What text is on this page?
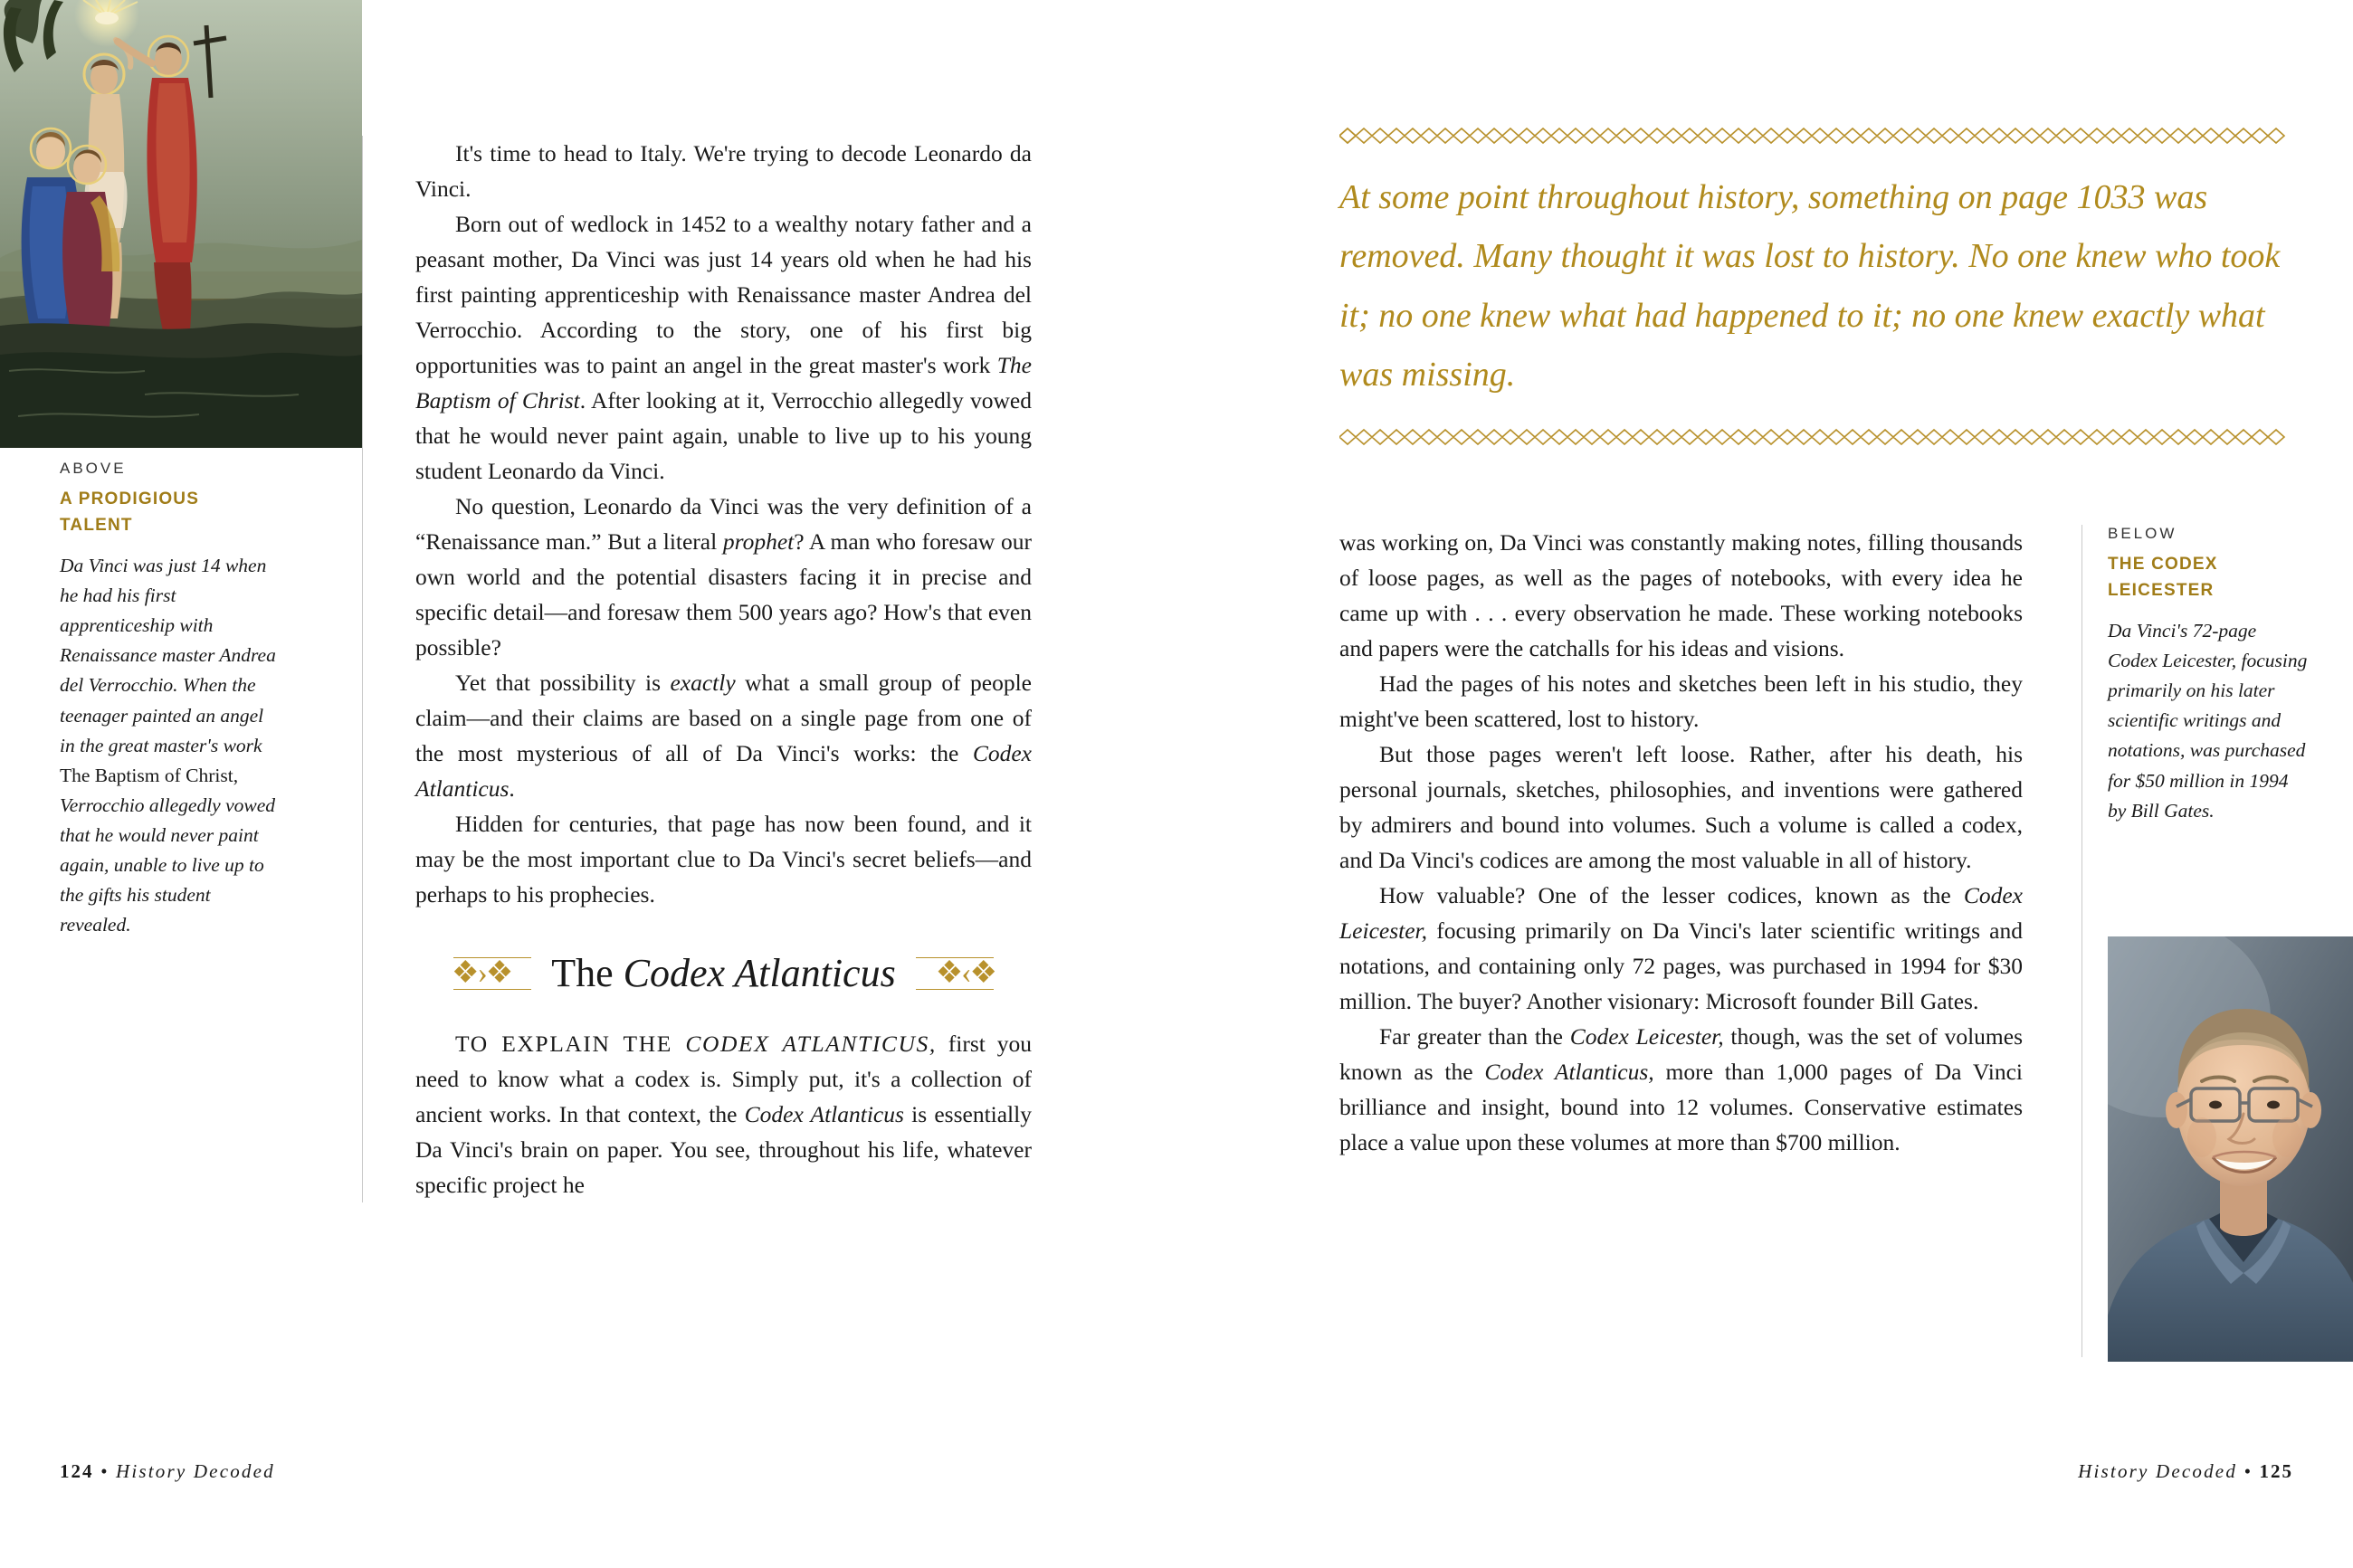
ABOVE
A PRODIGIOUS TALENT
Da Vinci was just 14 when he had his first apprenticeship with Renaissance master Andrea del Verrocchio. When the teenager painted an angel in the great master's work The Baptism of Christ, Verrocchio allegedly vowed that he would never paint again, unable to live up to the gifts his student revealed.

It's time to head to Italy. We're trying to decode Leonardo da Vinci.

Born out of wedlock in 1452 to a wealthy notary father and a peasant mother, Da Vinci was just 14 years old when he had his first painting apprenticeship with Renaissance master Andrea del Verrocchio. According to the story, one of his first big opportunities was to paint an angel in the great master's work The Baptism of Christ. After looking at it, Verrocchio allegedly vowed that he would never paint again, unable to live up to his young student Leonardo da Vinci.

No question, Leonardo da Vinci was the very definition of a “Renaissance man.” But a literal prophet? A man who foresaw our own world and the potential disasters facing it in precise and specific detail—and foresaw them 500 years ago? How's that even possible?

Yet that possibility is exactly what a small group of people claim—and their claims are based on a single page from one of the most mysterious of all of Da Vinci's works: the Codex Atlanticus.

Hidden for centuries, that page has now been found, and it may be the most important clue to Da Vinci's secret beliefs—and perhaps to his prophecies.

❖›❖	The Codex Atlanticus	❖‹❖

TO EXPLAIN THE CODEX ATLANTICUS, first you need to know what a codex is. Simply put, it's a collection of ancient works. In that context, the Codex Atlanticus is essentially Da Vinci's brain on paper. You see, throughout his life, whatever specific project he

124 • History Decoded
At some point throughout history, something on page 1033 was removed. Many thought it was lost to history. No one knew who took it; no one knew what had happened to it; no one knew exactly what was missing.

was working on, Da Vinci was constantly making notes, filling thousands of loose pages, as well as the pages of notebooks, with every idea he came up with . . . every observation he made. These working notebooks and papers were the catchalls for his ideas and visions.

Had the pages of his notes and sketches been left in his studio, they might've been scattered, lost to history.

But those pages weren't left loose. Rather, after his death, his personal journals, sketches, philosophies, and inventions were gathered by admirers and bound into volumes. Such a volume is called a codex, and Da Vinci's codices are among the most valuable in all of history.

How valuable? One of the lesser codices, known as the Codex Leicester, focusing primarily on Da Vinci's later scientific writings and notations, and containing only 72 pages, was purchased in 1994 for $30 million. The buyer? Another visionary: Microsoft founder Bill Gates.

Far greater than the Codex Leicester, though, was the set of volumes known as the Codex Atlanticus, more than 1,000 pages of Da Vinci brilliance and insight, bound into 12 volumes. Conservative estimates place a value upon these volumes at more than $700 million.

BELOW
THE CODEX LEICESTER
Da Vinci's 72-page Codex Leicester, focusing primarily on his later scientific writings and notations, was purchased for $50 million in 1994 by Bill Gates.
History Decoded • 125
